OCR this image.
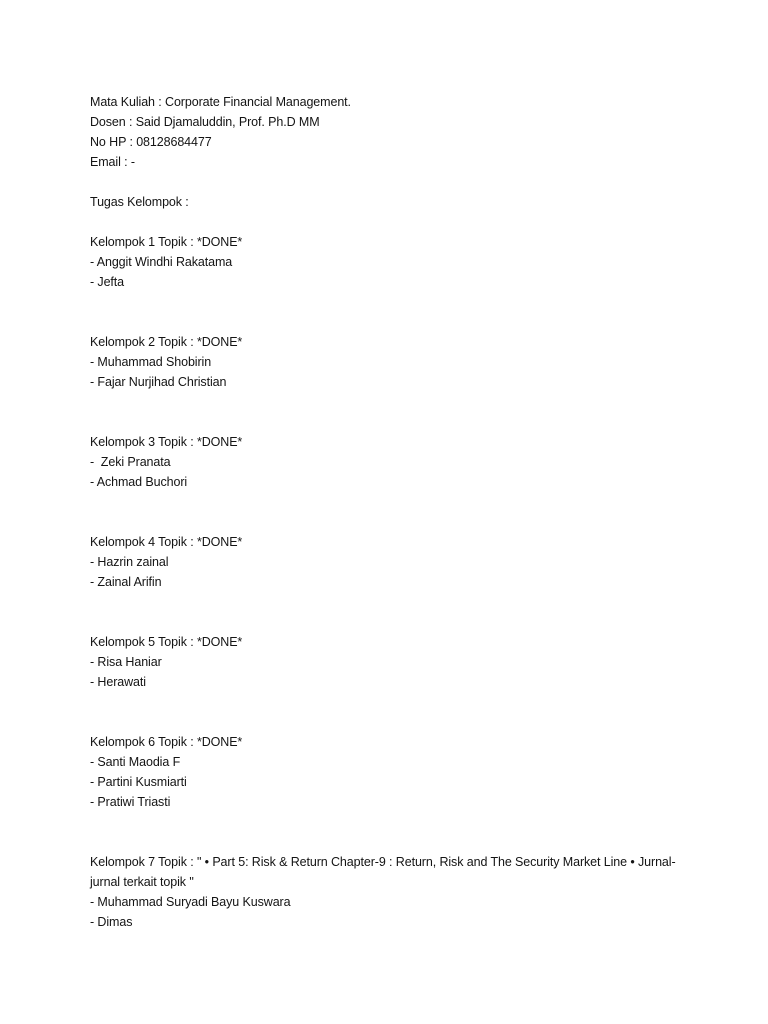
Mata Kuliah : Corporate Financial Management.
Dosen : Said Djamaluddin, Prof. Ph.D MM
No HP : 08128684477
Email : -
Tugas Kelompok :
Kelompok 1 Topik : *DONE*
- Anggit Windhi Rakatama
- Jefta
Kelompok 2 Topik : *DONE*
- Muhammad Shobirin
- Fajar Nurjihad Christian
Kelompok 3 Topik : *DONE*
-  Zeki Pranata
- Achmad Buchori
Kelompok 4 Topik : *DONE*
- Hazrin zainal
- Zainal Arifin
Kelompok 5 Topik : *DONE*
- Risa Haniar
- Herawati
Kelompok 6 Topik : *DONE*
- Santi Maodia F
- Partini Kusmiarti
- Pratiwi Triasti
Kelompok 7 Topik : " • Part 5: Risk & Return Chapter-9 : Return, Risk and The Security Market Line • Jurnal-jurnal terkait topik "
- Muhammad Suryadi Bayu Kuswara
- Dimas
